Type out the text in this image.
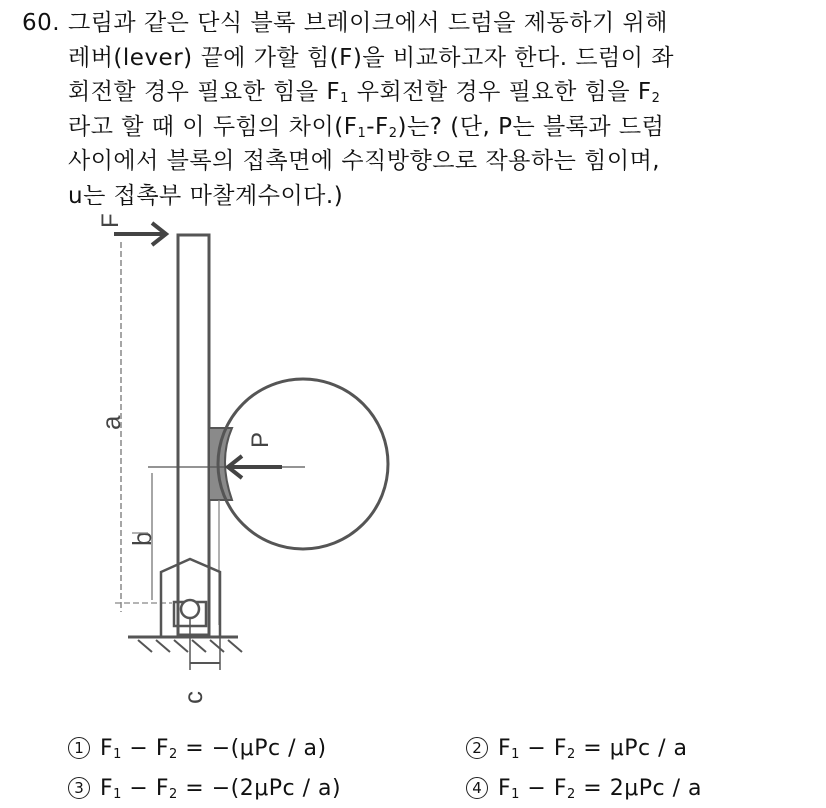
60. 그림과 같은 단식 블록 브레이크에서 드럼을 제동하기 위해
레버(lever) 끝에 가할 힘(F)을 비교하고자 한다. 드럼이 좌
회전할 경우 필요한 힘을 $F_1$ 우회전할 경우 필요한 힘을 $F_2$
라고 할 때 이 두힘의 차이$(F_1-F_2)$는? (단, P는 블록과 드럼
사이에서 블록의 접촉면에 수직방향으로 작용하는 힘이며,
u는 접촉부 마찰계수이다.)
P
F
a
b
c
1 $F_1 - F_2 = -(\mu Pc / a)$	2 $F_1 - F_2 = \mu Pc / a$
3 $F_1 - F_2 = -(2\mu Pc / a)$	4 $F_1 - F_2 = 2\mu Pc / a$
